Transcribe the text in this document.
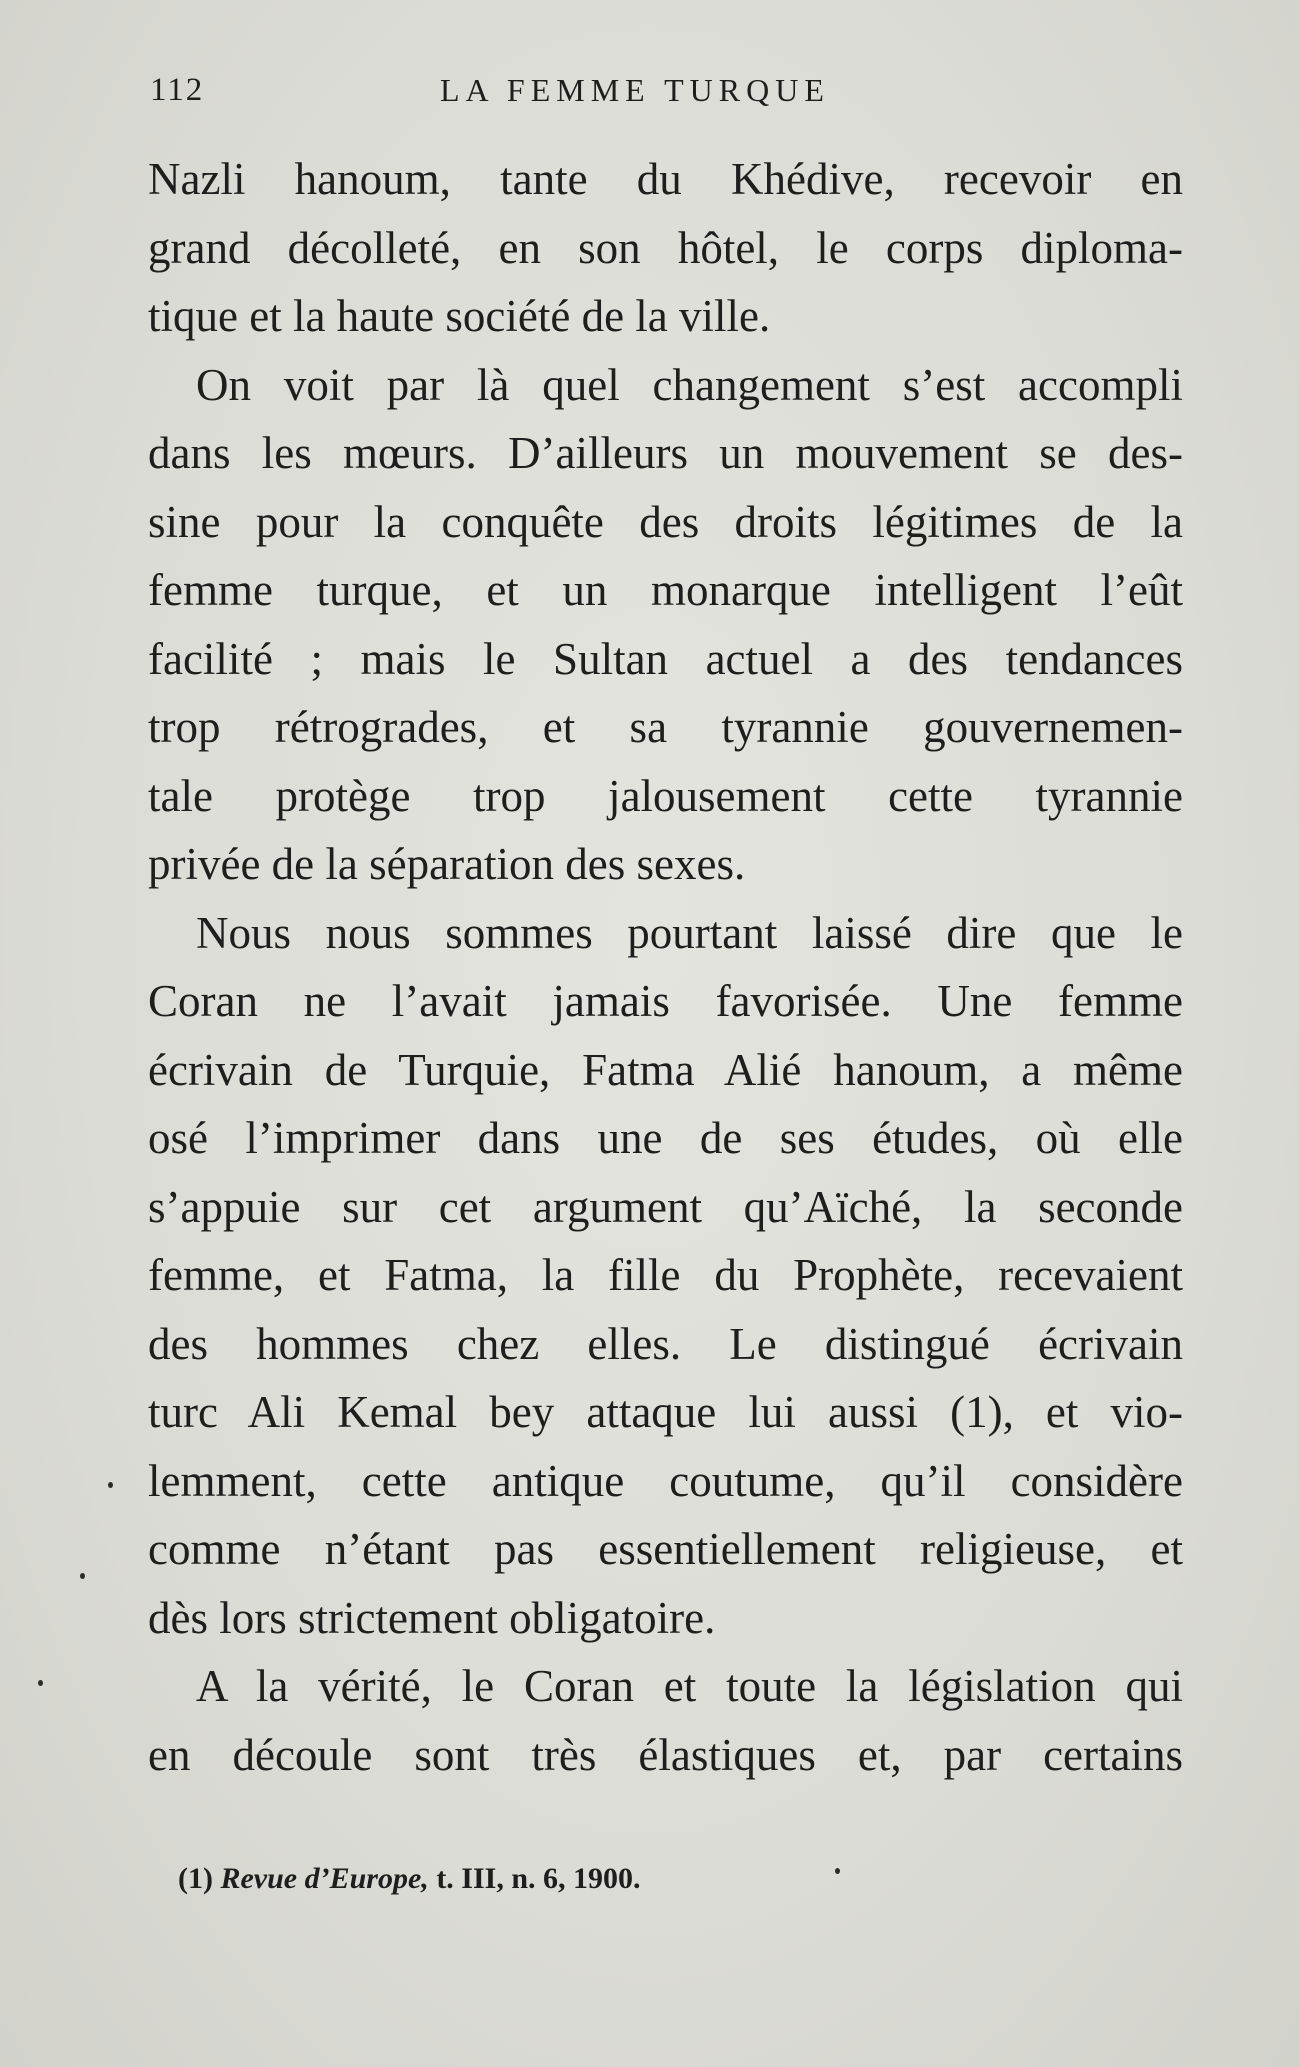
112	LA FEMME TURQUE
Nazli hanoum, tante du Khédive, recevoir en
grand décolleté, en son hôtel, le corps diploma-
tique et la haute société de la ville.
On voit par là quel changement s’est accompli
dans les mœurs. D’ailleurs un mouvement se des-
sine pour la conquête des droits légitimes de la
femme turque, et un monarque intelligent l’eût
facilité ; mais le Sultan actuel a des tendances
trop rétrogrades, et sa tyrannie gouvernemen-
tale protège trop jalousement cette tyrannie
privée de la séparation des sexes.
Nous nous sommes pourtant laissé dire que le
Coran ne l’avait jamais favorisée. Une femme
écrivain de Turquie, Fatma Alié hanoum, a même
osé l’imprimer dans une de ses études, où elle
s’appuie sur cet argument qu’Aïché, la seconde
femme, et Fatma, la fille du Prophète, recevaient
des hommes chez elles. Le distingué écrivain
turc Ali Kemal bey attaque lui aussi (1), et vio-
lemment, cette antique coutume, qu’il considère
comme n’étant pas essentiellement religieuse, et
dès lors strictement obligatoire.
A la vérité, le Coran et toute la législation qui
en découle sont très élastiques et, par certains
(1) Revue d’Europe, t. III, n. 6, 1900.
